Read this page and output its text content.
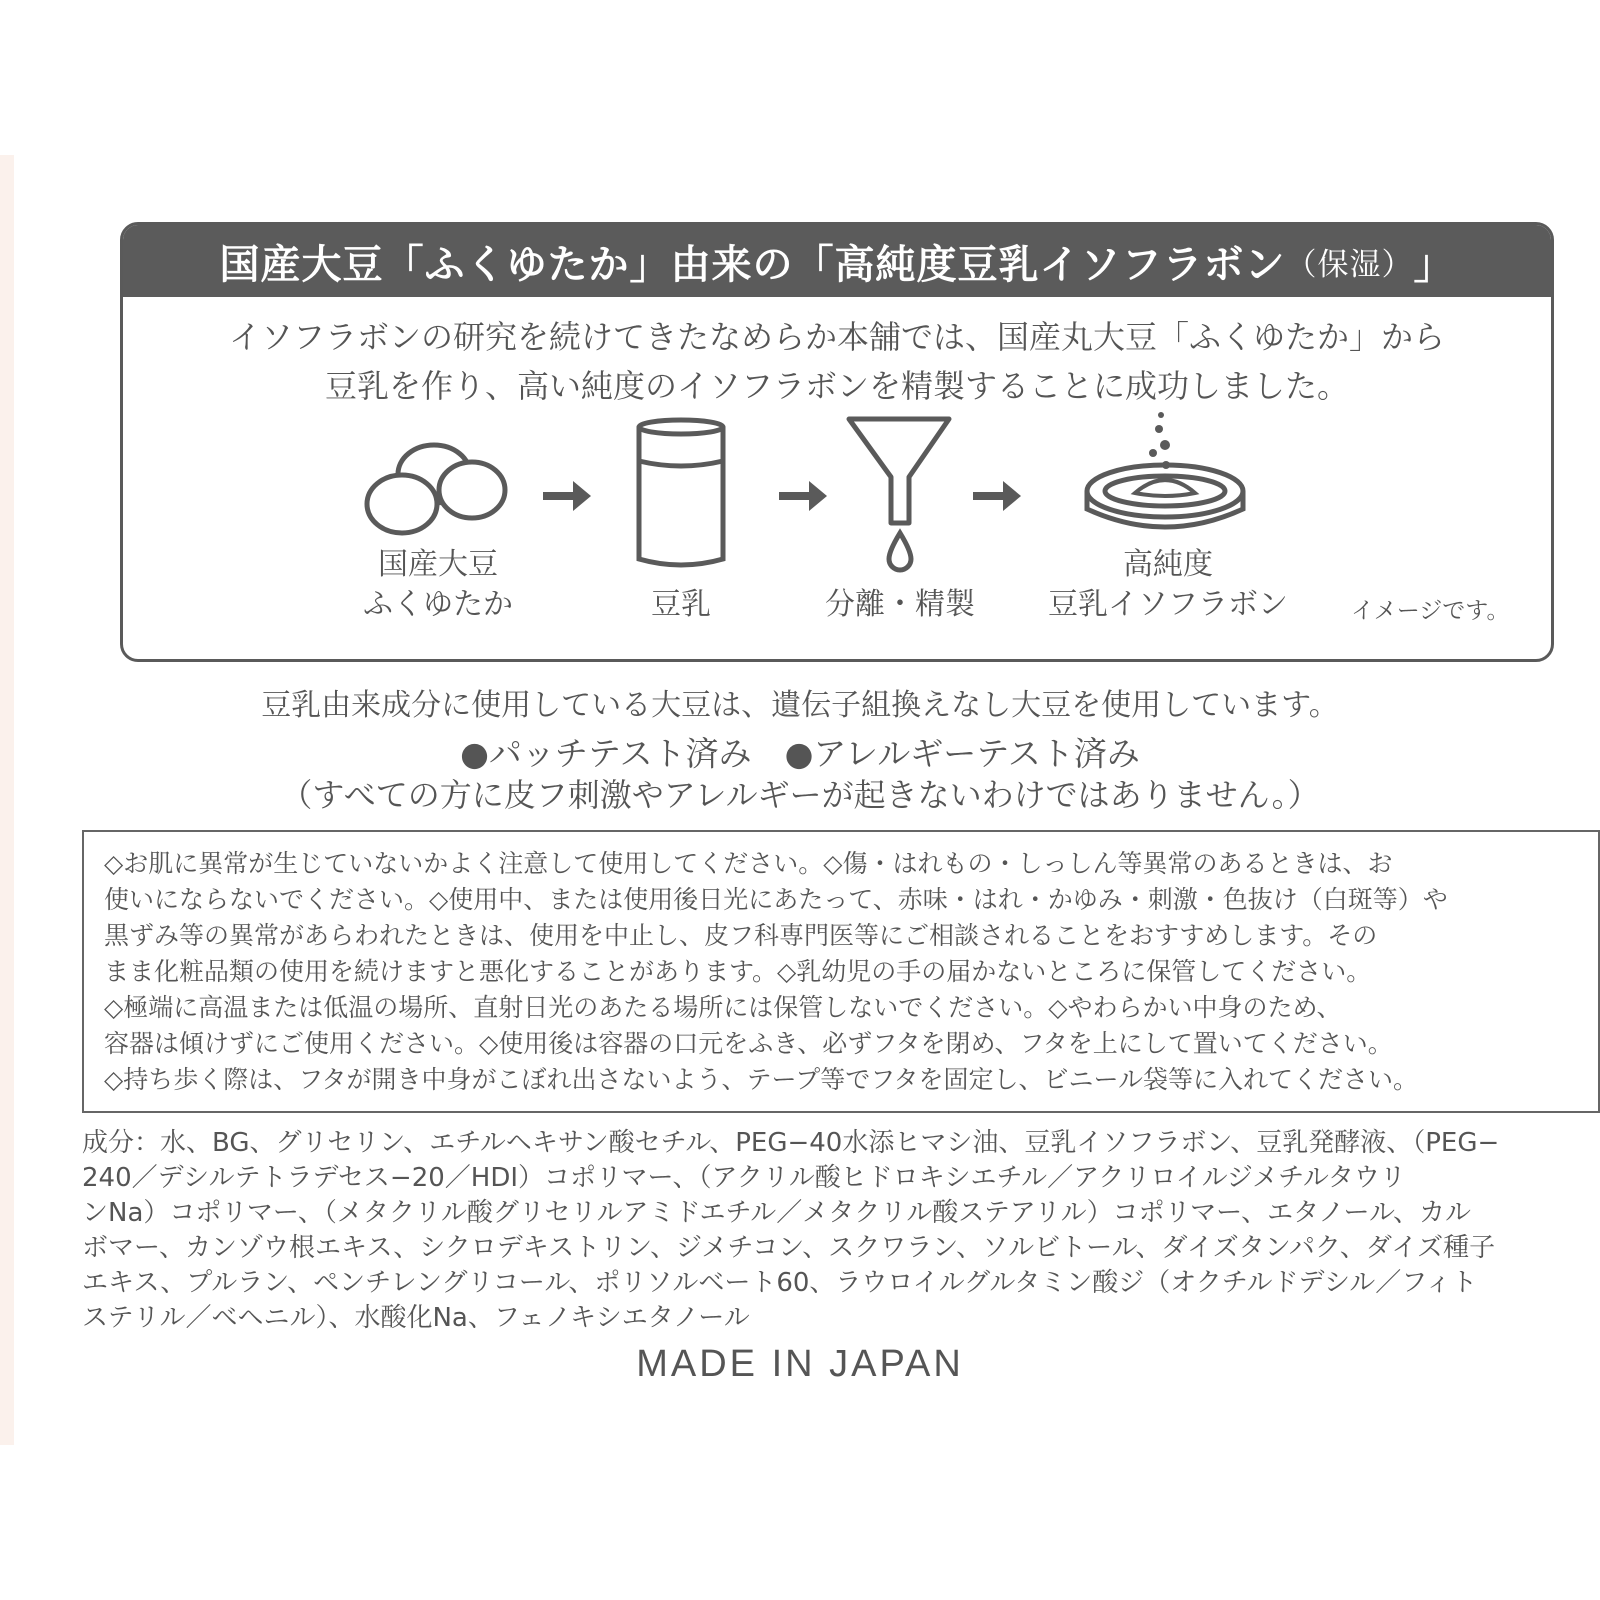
国産大豆「ふくゆたか」由来の「高純度豆乳イソフラボン （保湿） 」
イソフラボンの研究を続けてきたなめらか本舗では、国産丸大豆「ふくゆたか」から
豆乳を作り、高い純度のイソフラボンを精製することに成功しました。
国産大豆
ふくゆたか	豆乳	分離・精製
高純度
豆乳イソフラボン	イメージです。
豆乳由来成分に使用している大豆は、遺伝子組換えなし大豆を使用しています。
●パッチテスト済み　●アレルギーテスト済み
（すべての方に皮フ刺激やアレルギーが起きないわけではありません。）
◇お肌に異常が生じていないかよく注意して使用してください。◇傷・はれもの・しっしん等異常のあるときは、お
使いにならないでください。◇使用中、または使用後日光にあたって、赤味・はれ・かゆみ・刺激・色抜け（白斑等）や
黒ずみ等の異常があらわれたときは、使用を中止し、皮フ科専門医等にご相談されることをおすすめします。その
まま化粧品類の使用を続けますと悪化することがあります。◇乳幼児の手の届かないところに保管してください。
◇極端に高温または低温の場所、直射日光のあたる場所には保管しないでください。◇やわらかい中身のため、
容器は傾けずにご使用ください。◇使用後は容器の口元をふき、必ずフタを閉め、フタを上にして置いてください。
◇持ち歩く際は、フタが開き中身がこぼれ出さないよう、テープ等でフタを固定し、ビニール袋等に入れてください。
成分：水、BG、グリセリン、エチルヘキサン酸セチル、PEG−40水添ヒマシ油、豆乳イソフラボン、豆乳発酵液、（PEG−
240／デシルテトラデセス−20／HDI）コポリマー、（アクリル酸ヒドロキシエチル／アクリロイルジメチルタウリ
ンNa）コポリマー、（メタクリル酸グリセリルアミドエチル／メタクリル酸ステアリル）コポリマー、エタノール、カル
ボマー、カンゾウ根エキス、シクロデキストリン、ジメチコン、スクワラン、ソルビトール、ダイズタンパク、ダイズ種子
エキス、プルラン、ペンチレングリコール、ポリソルベート60、ラウロイルグルタミン酸ジ（オクチルドデシル／フィト
ステリル／ベヘニル）、水酸化Na、フェノキシエタノール
MADE IN JAPAN
